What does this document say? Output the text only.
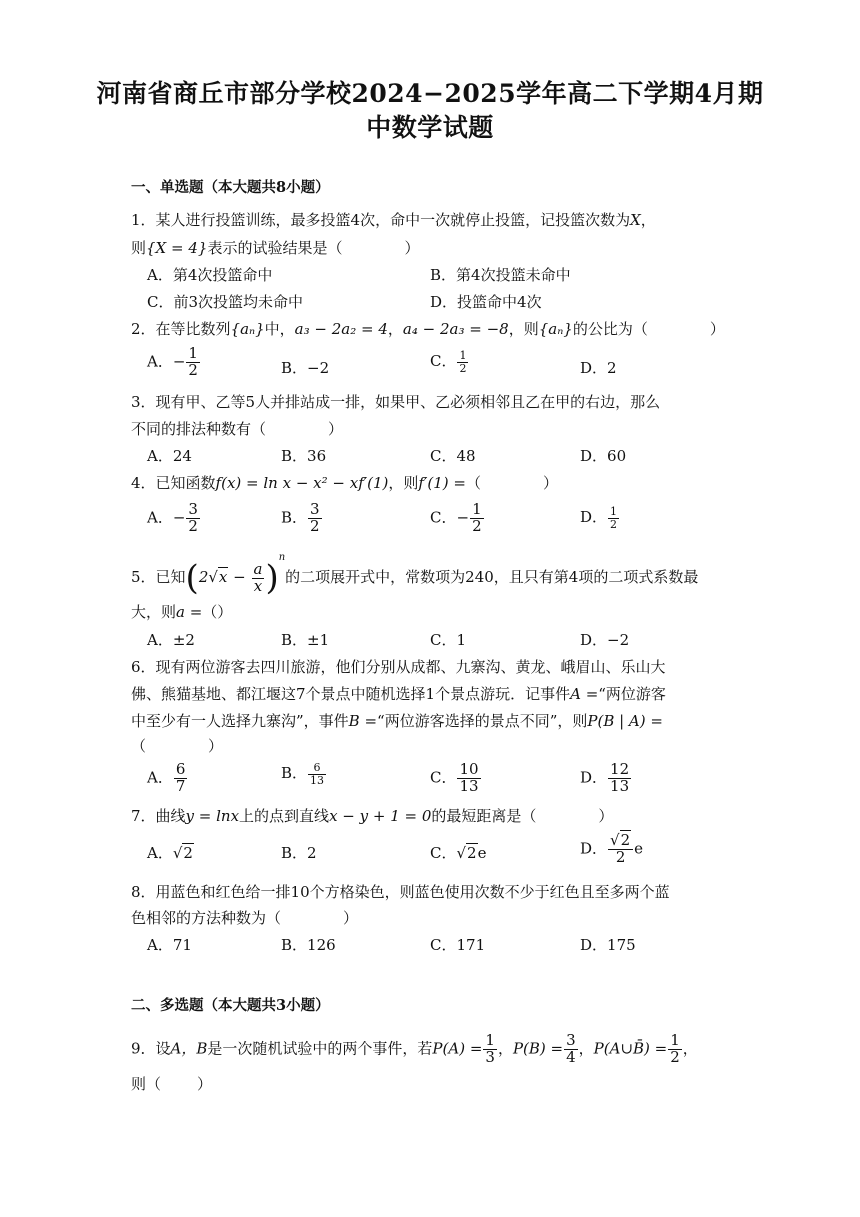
河南省商丘市部分学校2024−2025学年高二下学期4月期
中数学试题
一、单选题（本大题共8小题）
1．某人进行投篮训练，最多投篮4次，命中一次就停止投篮，记投篮次数为X，
则{X = 4}表示的试验结果是（	）
A．第4次投篮命中	B．第4次投篮未命中
C．前3次投篮均未命中	D．投篮命中4次
2．在等比数列{aₙ}中，a₃ − 2a₂ = 4，a₄ − 2a₃ = −8，则{aₙ}的公比为（	）
A．− $\frac{1}{2}$	B．−2	C． $\frac{1}{2}$	D．2
3．现有甲、乙等5人并排站成一排，如果甲、乙必须相邻且乙在甲的右边，那么
不同的排法种数有（	）
A．24	B．36	C．48	D．60
4．已知函数f(x) = ln x − x² − xf′(1)，则f′(1) =（	）
A．− $\frac{3}{2}$	B． $\frac{3}{2}$	C．− $\frac{1}{2}$	D． $\frac{1}{2}$
5．已知$(2√x - \frac{a}{x} )^n$的二项展开式中，常数项为240，且只有第4项的二项式系数最
大，则a =（）
A．±2	B．±1	C．1	D．−2
6．现有两位游客去四川旅游，他们分别从成都、九寨沟、黄龙、峨眉山、乐山大
佛、熊猫基地、都江堰这7个景点中随机选择1个景点游玩．记事件A =“两位游客
中至少有一人选择九寨沟”，事件B =“两位游客选择的景点不同”，则P(B | A) =
（	）
A． $\frac{6}{7}$	B． $\frac{6}{13}$	C． $\frac{10}{13}$	D． $\frac{12}{13}$
7．曲线y = lnx上的点到直线x − y + 1 = 0的最短距离是（	）
A．√2	B．2	C．√2e	D． $\frac{√2}{2}$ e
8．用蓝色和红色给一排10个方格染色，则蓝色使用次数不少于红色且至多两个蓝
色相邻的方法种数为（	）
A．71	B．126	C．171	D．175
二、多选题（本大题共3小题）
9．设A，B是一次随机试验中的两个事件，若$P(A) = \frac{1}{3}$ ，$P(B) = \frac{3}{4}$ ，P(A∪B̄) = $\frac{1}{2}$ ，
则（ ）
